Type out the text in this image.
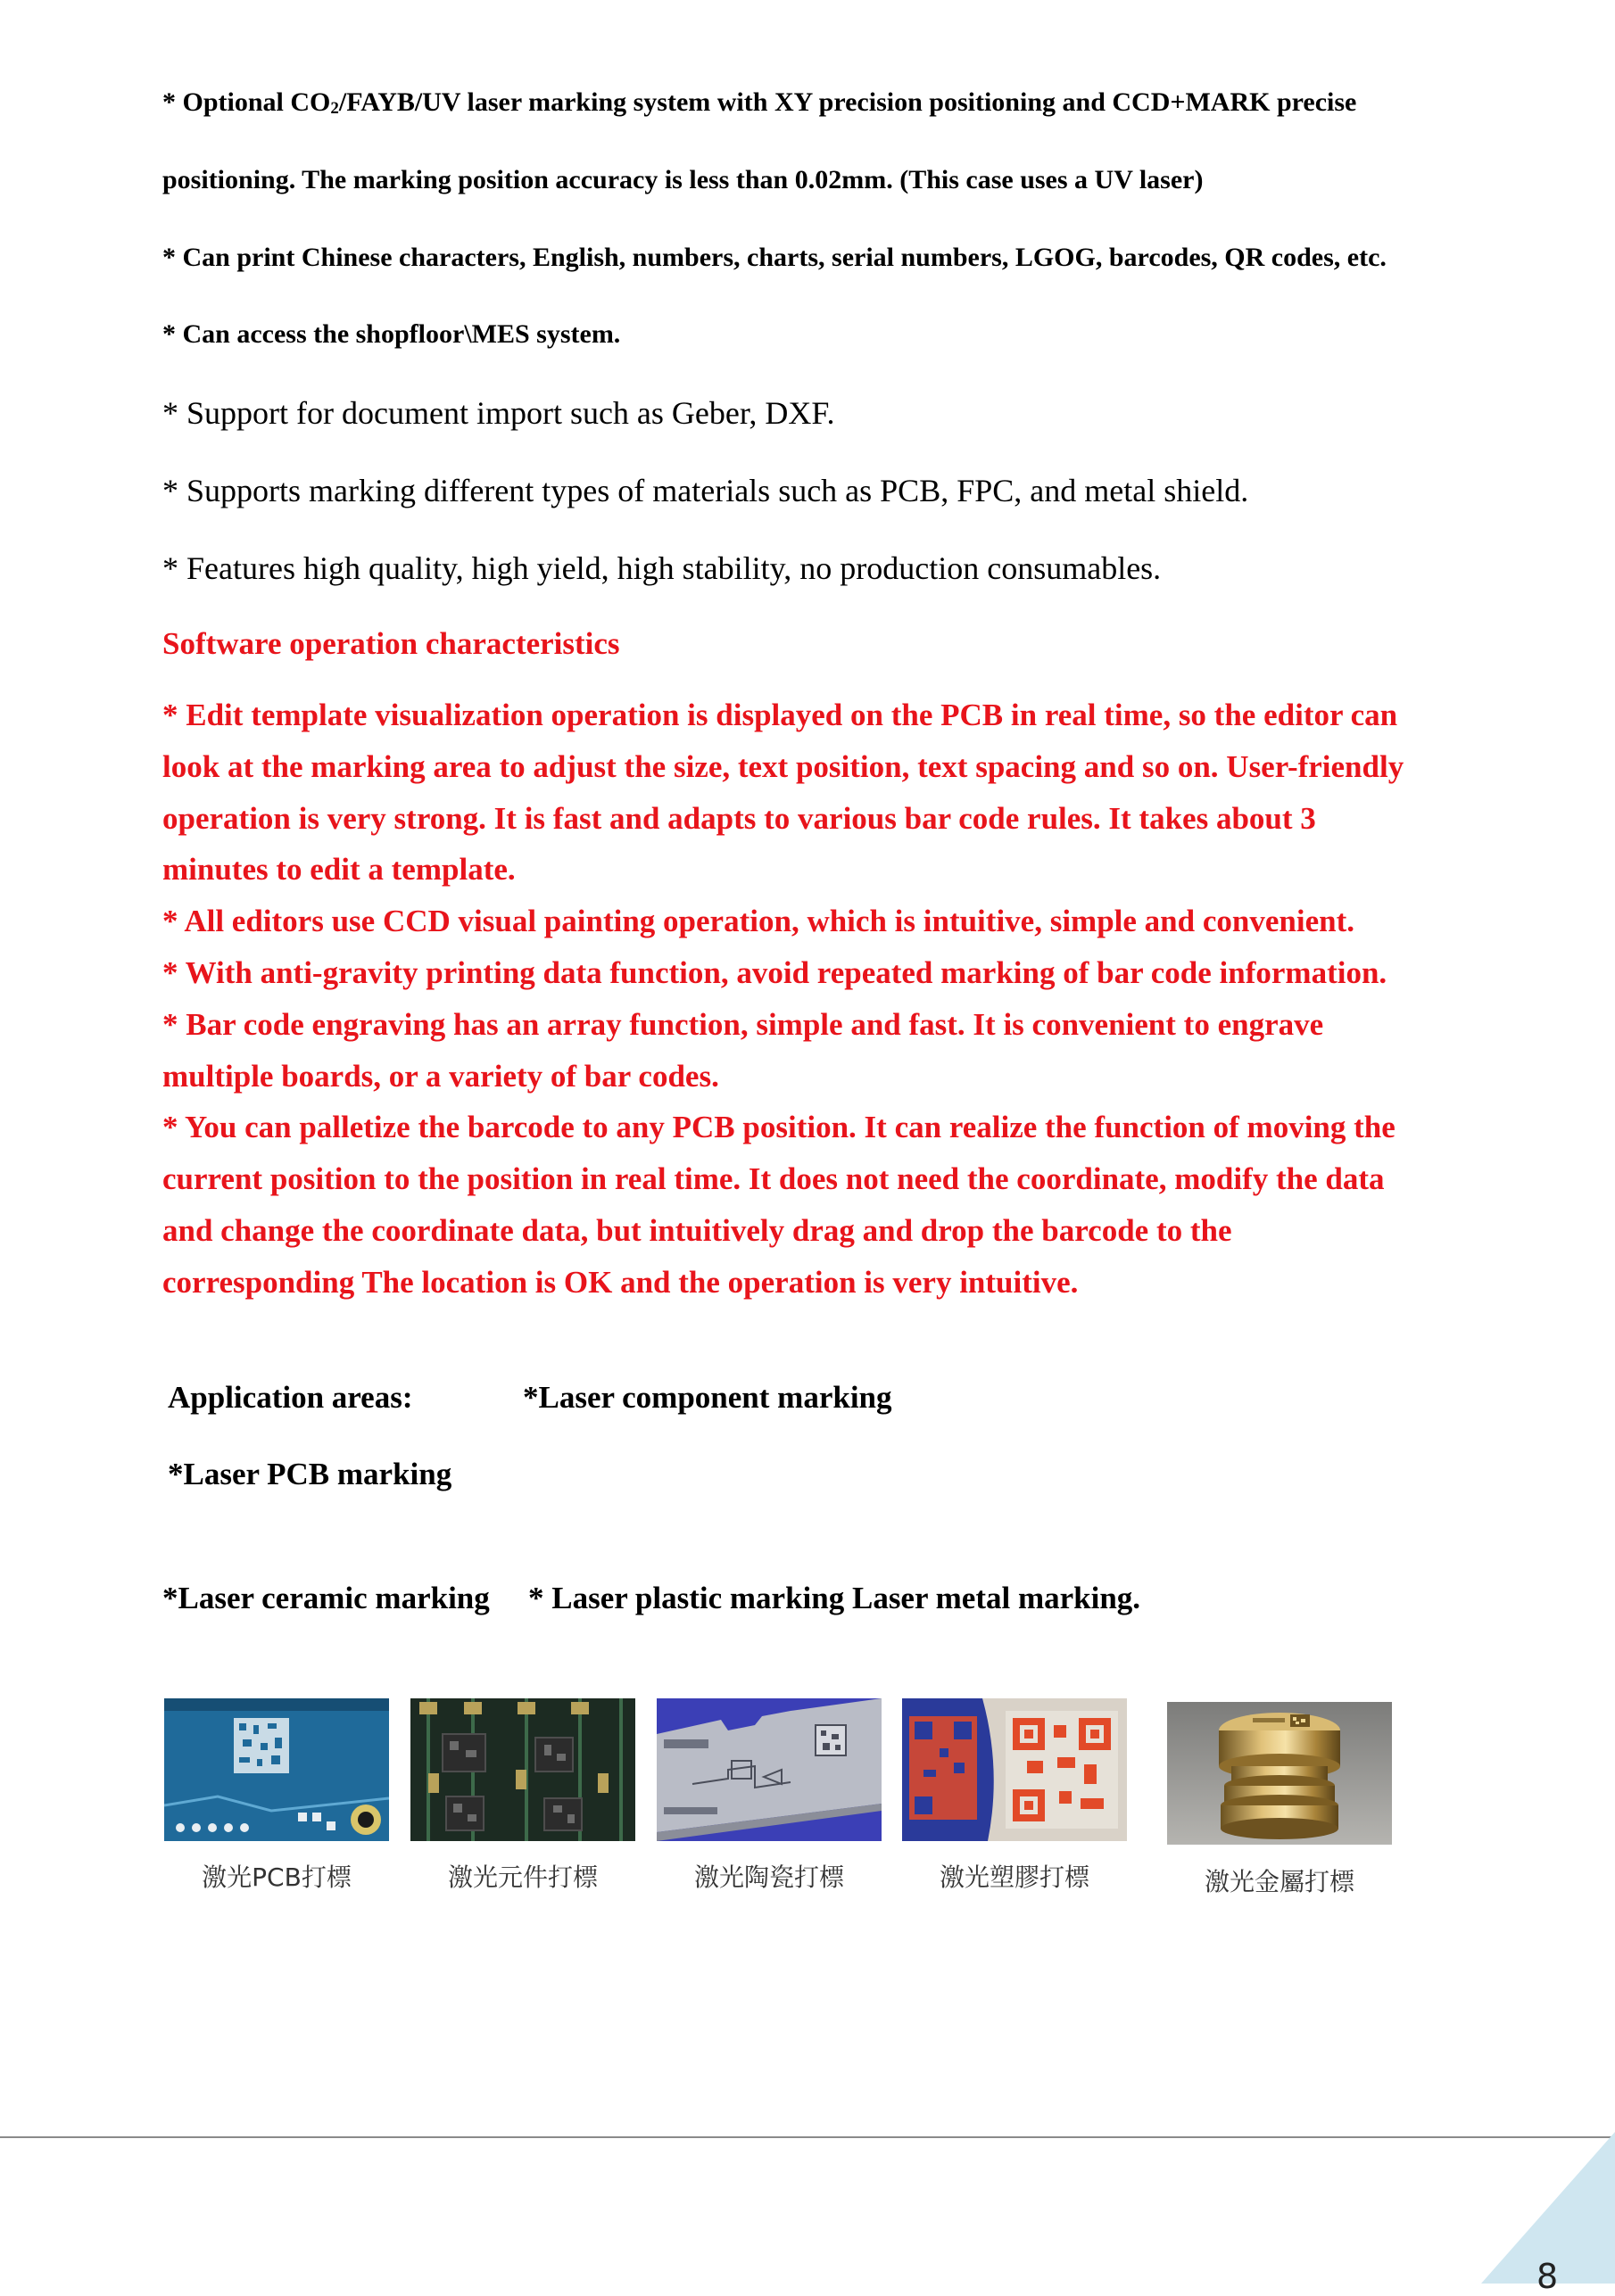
* Optional CO2/FAYB/UV laser marking system with XY precision positioning and CCD+MARK precise
positioning. The marking position accuracy is less than 0.02mm. (This case uses a UV laser)
* Can print Chinese characters, English, numbers, charts, serial numbers, LGOG, barcodes, QR codes, etc.
* Can access the shopfloor\MES system.
* Support for document import such as Geber, DXF.
* Supports marking different types of materials such as PCB, FPC, and metal shield.
* Features high quality, high yield, high stability, no production consumables.
Software operation characteristics

* Edit template visualization operation is displayed on the PCB in real time, so the editor can

look at the marking area to adjust the size, text position, text spacing and so on. User-friendly

operation is very strong. It is fast and adapts to various bar code rules. It takes about 3

minutes to edit a template.

* All editors use CCD visual painting operation, which is intuitive, simple and convenient.

* With anti-gravity printing data function, avoid repeated marking of bar code information.

* Bar code engraving has an array function, simple and fast. It is convenient to engrave

multiple boards, or a variety of bar codes.

* You can palletize the barcode to any PCB position. It can realize the function of moving the

current position to the position in real time. It does not need the coordinate, modify the data

and change the coordinate data, but intuitively drag and drop the barcode to the

corresponding The location is OK and the operation is very intuitive.

Application areas:	*Laser component marking
*Laser PCB marking
*Laser ceramic marking * Laser plastic marking Laser metal marking.
激光PCB打標	激光元件打標	激光陶瓷打標	激光塑膠打標	激光金屬打標
8
